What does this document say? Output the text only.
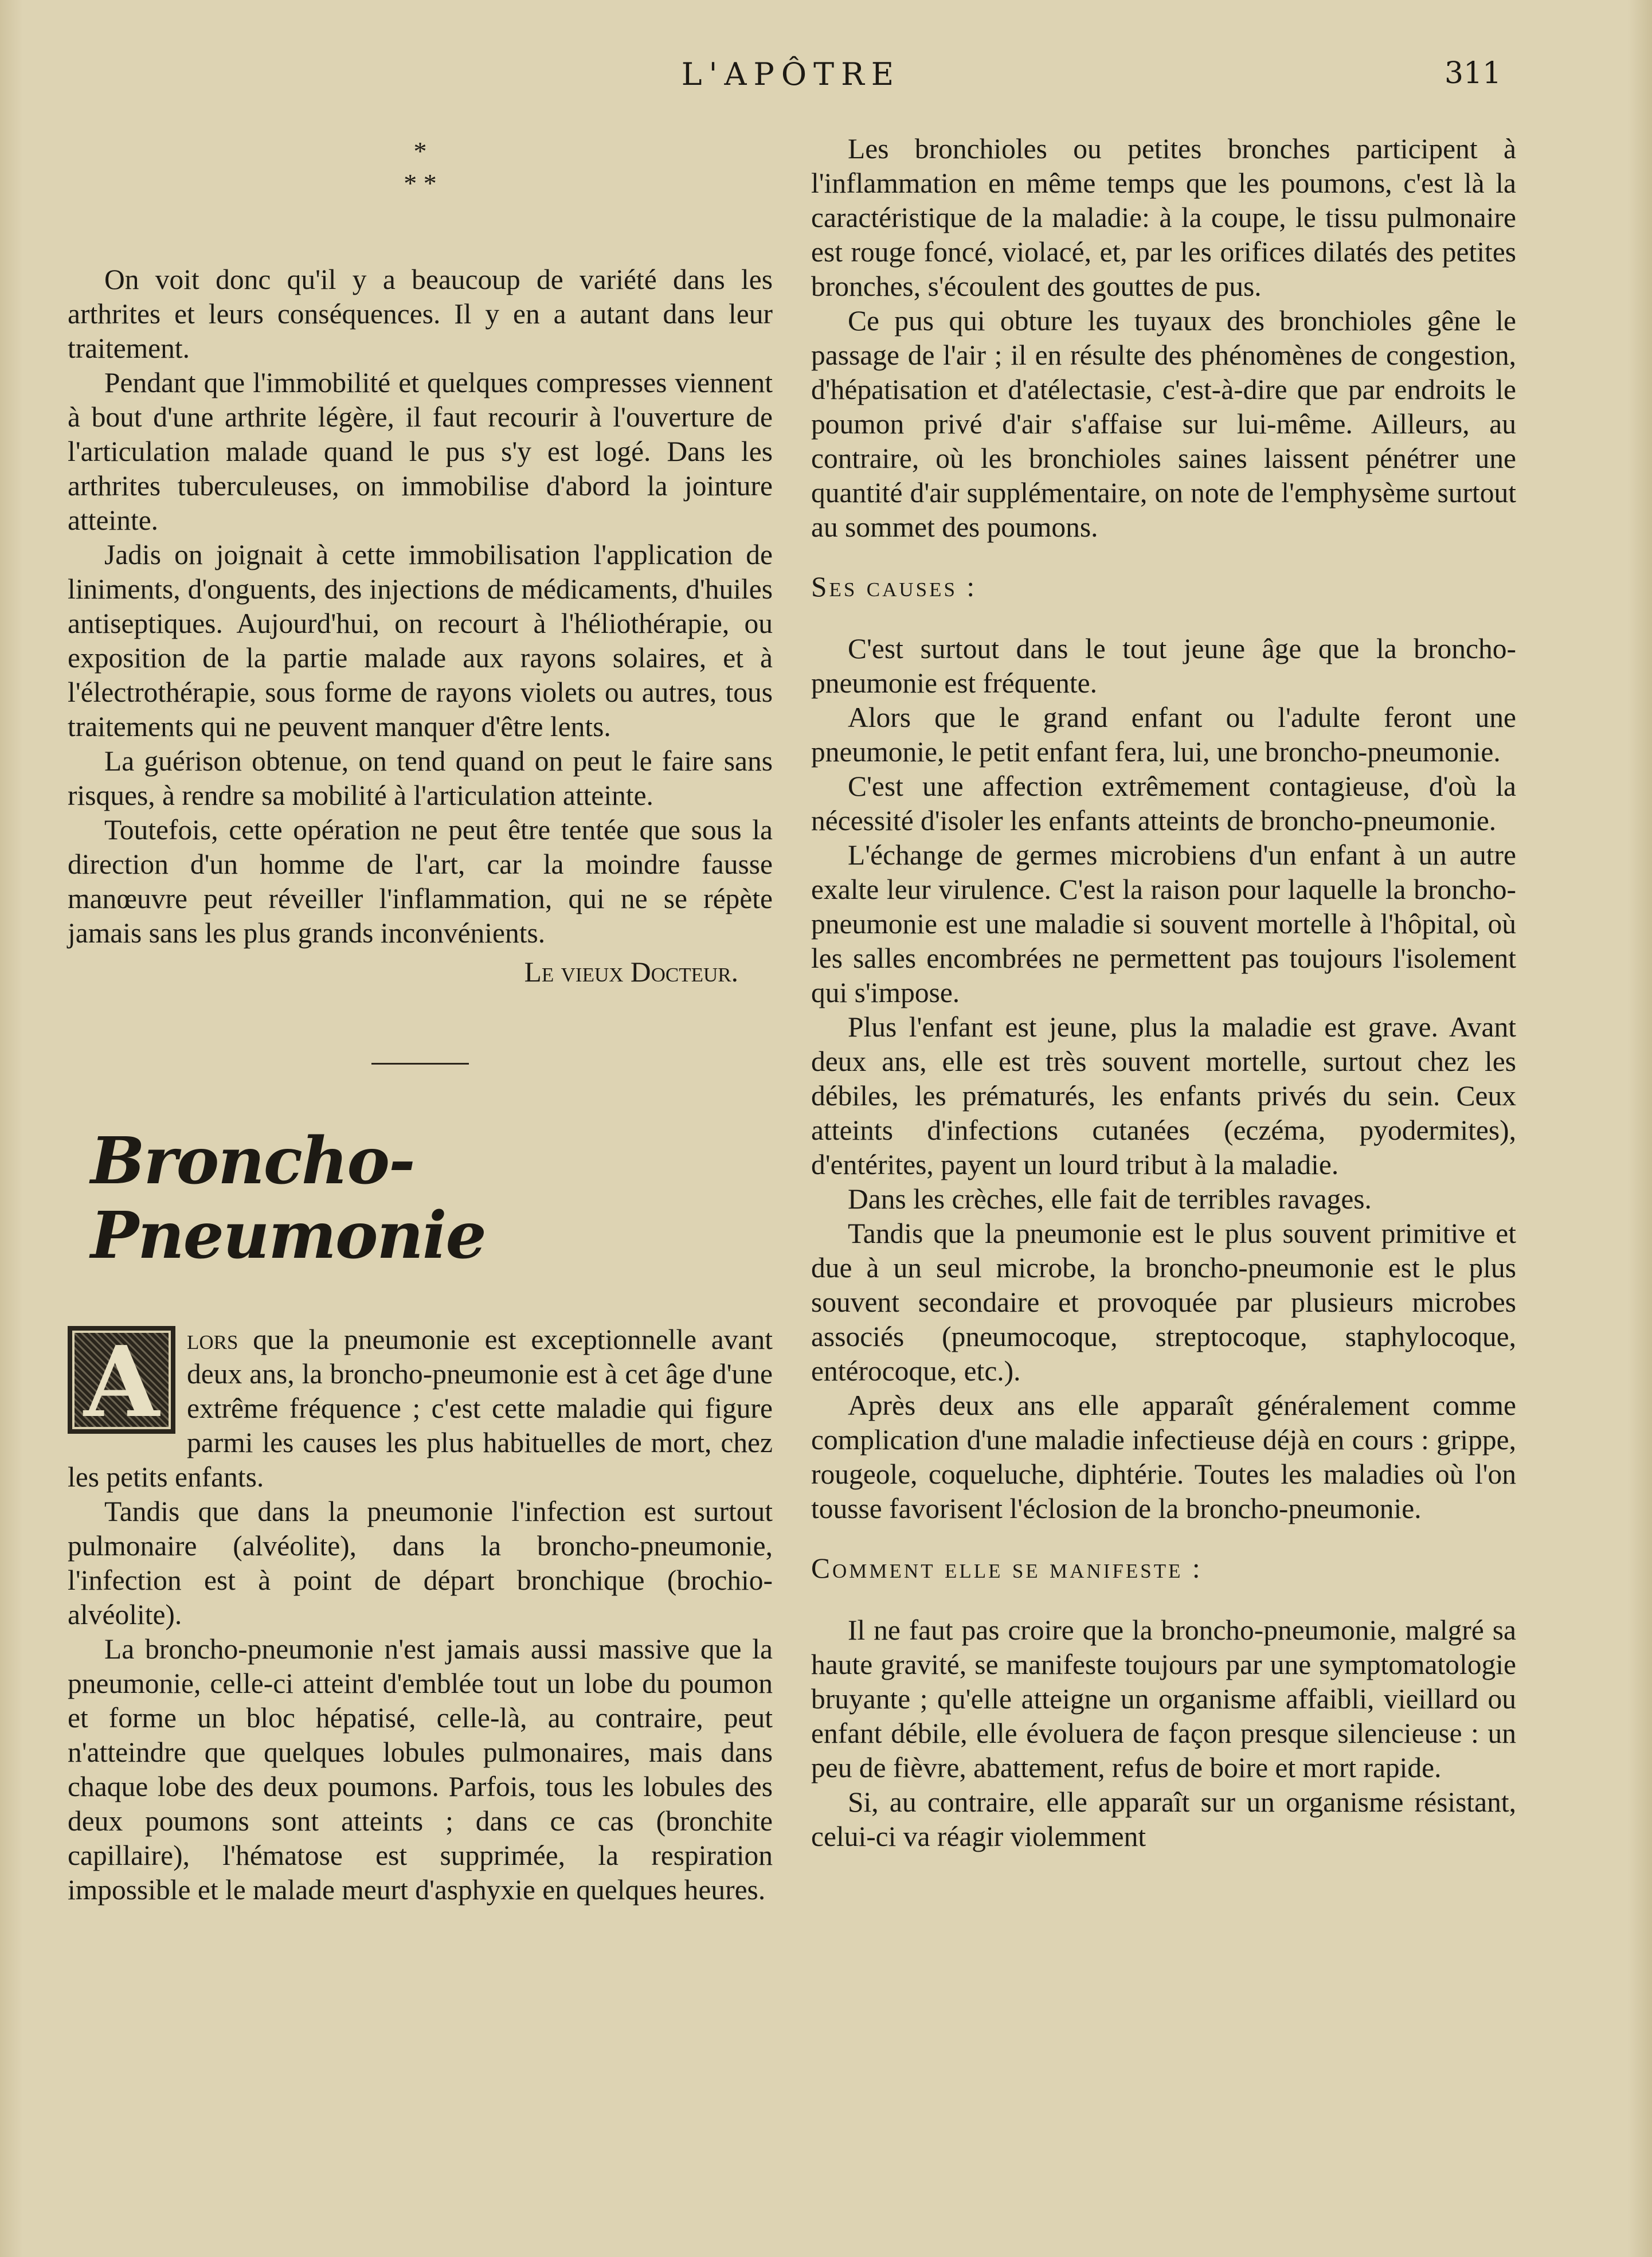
L'APÔTRE	311
*
* *

On voit donc qu'il y a beaucoup de variété dans les arthrites et leurs conséquences. Il y en a autant dans leur traitement.

Pendant que l'immobilité et quelques compresses viennent à bout d'une arthrite légère, il faut recourir à l'ouverture de l'articulation malade quand le pus s'y est logé. Dans les arthrites tuberculeuses, on immobilise d'abord la jointure atteinte.

Jadis on joignait à cette immobilisation l'application de liniments, d'onguents, des injections de médicaments, d'huiles antiseptiques. Aujourd'hui, on recourt à l'héliothérapie, ou exposition de la partie malade aux rayons solaires, et à l'électrothérapie, sous forme de rayons violets ou autres, tous traitements qui ne peuvent manquer d'être lents.

La guérison obtenue, on tend quand on peut le faire sans risques, à rendre sa mobilité à l'articulation atteinte.

Toutefois, cette opération ne peut être tentée que sous la direction d'un homme de l'art, car la moindre fausse manœuvre peut réveiller l'inflammation, qui ne se répète jamais sans les plus grands inconvénients.

Le vieux Docteur.

Broncho-Pneumonie

A lors que la pneumonie est exceptionnelle avant deux ans, la broncho-pneumonie est à cet âge d'une extrême fréquence ; c'est cette maladie qui figure parmi les causes les plus habituelles de mort, chez les petits enfants.

Tandis que dans la pneumonie l'infection est surtout pulmonaire (alvéolite), dans la broncho-pneumonie, l'infection est à point de départ bronchique (brochio-alvéolite).

La broncho-pneumonie n'est jamais aussi massive que la pneumonie, celle-ci atteint d'emblée tout un lobe du poumon et forme un bloc hépatisé, celle-là, au contraire, peut n'atteindre que quelques lobules pulmonaires, mais dans chaque lobe des deux poumons. Parfois, tous les lobules des deux poumons sont atteints ; dans ce cas (bronchite capillaire), l'hématose est supprimée, la respiration impossible et le malade meurt d'asphyxie en quelques heures.

Les bronchioles ou petites bronches participent à l'inflammation en même temps que les poumons, c'est là la caractéristique de la maladie: à la coupe, le tissu pulmonaire est rouge foncé, violacé, et, par les orifices dilatés des petites bronches, s'écoulent des gouttes de pus.

Ce pus qui obture les tuyaux des bronchioles gêne le passage de l'air ; il en résulte des phénomènes de congestion, d'hépatisation et d'atélectasie, c'est-à-dire que par endroits le poumon privé d'air s'affaise sur lui-même. Ailleurs, au contraire, où les bronchioles saines laissent pénétrer une quantité d'air supplémentaire, on note de l'emphysème surtout au sommet des poumons.

Ses causes :

C'est surtout dans le tout jeune âge que la broncho-pneumonie est fréquente.

Alors que le grand enfant ou l'adulte feront une pneumonie, le petit enfant fera, lui, une broncho-pneumonie.

C'est une affection extrêmement contagieuse, d'où la nécessité d'isoler les enfants atteints de broncho-pneumonie.

L'échange de germes microbiens d'un enfant à un autre exalte leur virulence. C'est la raison pour laquelle la broncho-pneumonie est une maladie si souvent mortelle à l'hôpital, où les salles encombrées ne permettent pas toujours l'isolement qui s'impose.

Plus l'enfant est jeune, plus la maladie est grave. Avant deux ans, elle est très souvent mortelle, surtout chez les débiles, les prématurés, les enfants privés du sein. Ceux atteints d'infections cutanées (eczéma, pyodermites), d'entérites, payent un lourd tribut à la maladie.

Dans les crèches, elle fait de terribles ravages.

Tandis que la pneumonie est le plus souvent primitive et due à un seul microbe, la broncho-pneumonie est le plus souvent secondaire et provoquée par plusieurs microbes associés (pneumocoque, streptocoque, staphylocoque, entérocoque, etc.).

Après deux ans elle apparaît généralement comme complication d'une maladie infectieuse déjà en cours : grippe, rougeole, coqueluche, diphtérie. Toutes les maladies où l'on tousse favorisent l'éclosion de la broncho-pneumonie.

Comment elle se manifeste :

Il ne faut pas croire que la broncho-pneumonie, malgré sa haute gravité, se manifeste toujours par une symptomatologie bruyante ; qu'elle atteigne un organisme affaibli, vieillard ou enfant débile, elle évoluera de façon presque silencieuse : un peu de fièvre, abattement, refus de boire et mort rapide.

Si, au contraire, elle apparaît sur un organisme résistant, celui-ci va réagir violemment
